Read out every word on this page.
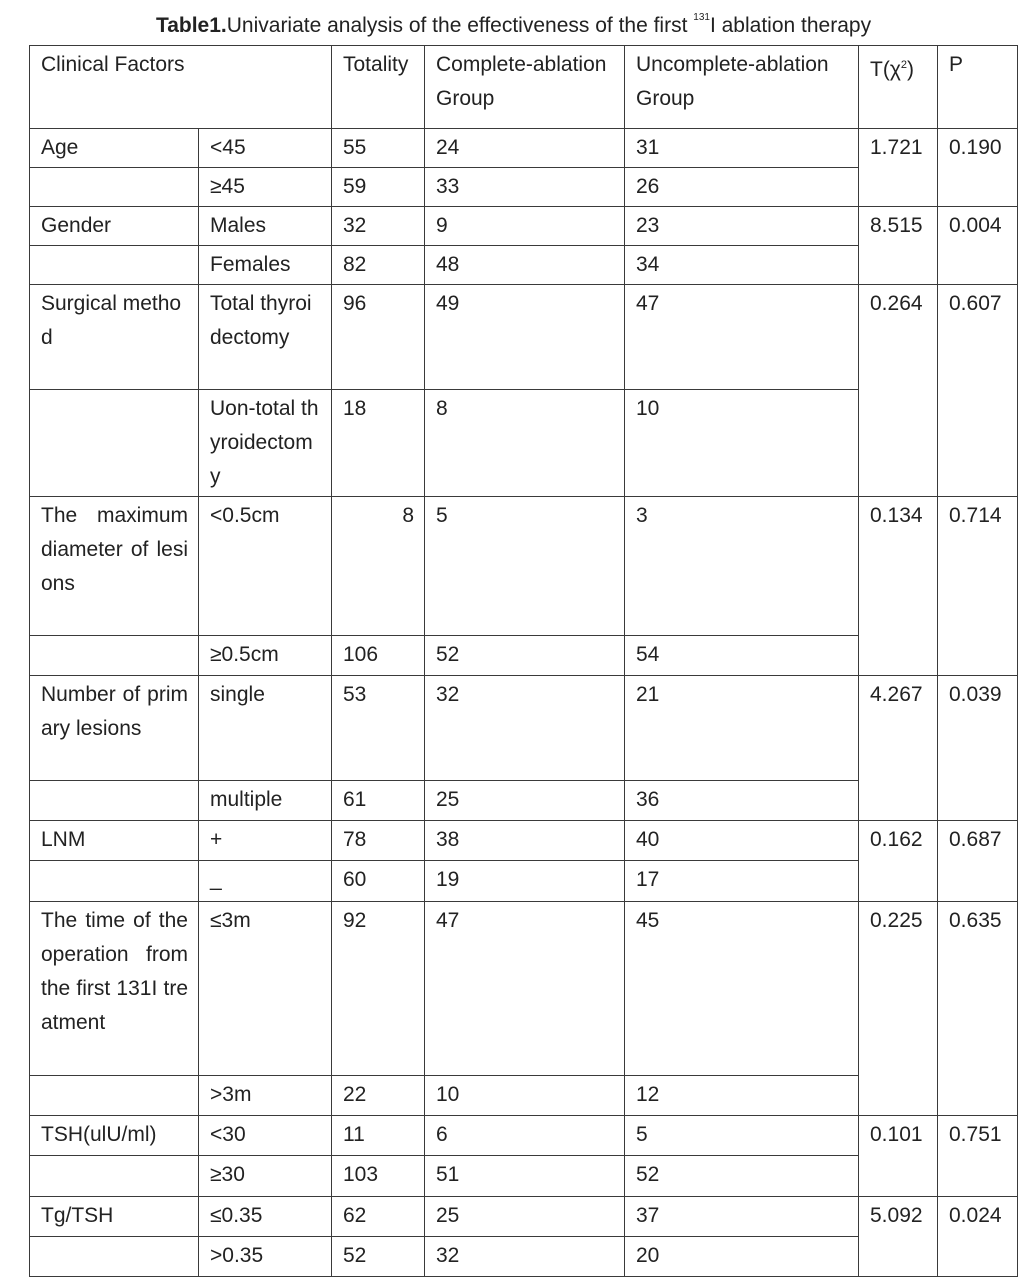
Table1.Univariate analysis of the effectiveness of the first $^{131}$I ablation therapy
Clinical Factors		Totality	Complete-ablation Group	Uncomplete-ablation Group	$T(\chi^2)$	P
Age	<45	55	24	31	1.721	0.190
	≥45	59	33	26		
Gender	Males	32	9	23	8.515	0.004
	Females	82	48	34		
Surgical method	Total thyroidectomy	96	49	47	0.264	0.607
	Uon-total thyroidectomy	18	8	10		
The maximum diameter of lesions	<0.5cm	8	5	3	0.134	0.714
	≥0.5cm	106	52	54		
Number of primary lesions	single	53	32	21	4.267	0.039
	multiple	61	25	36		
LNM	+	78	38	40	0.162	0.687
	_	60	19	17		
The time of the operation from the first 131I treatment	≤3m	92	47	45	0.225	0.635
	>3m	22	10	12		
TSH(ulU/ml)	<30	11	6	5	0.101	0.751
	≥30	103	51	52		
Tg/TSH	≤0.35	62	25	37	5.092	0.024
	>0.35	52	32	20		
